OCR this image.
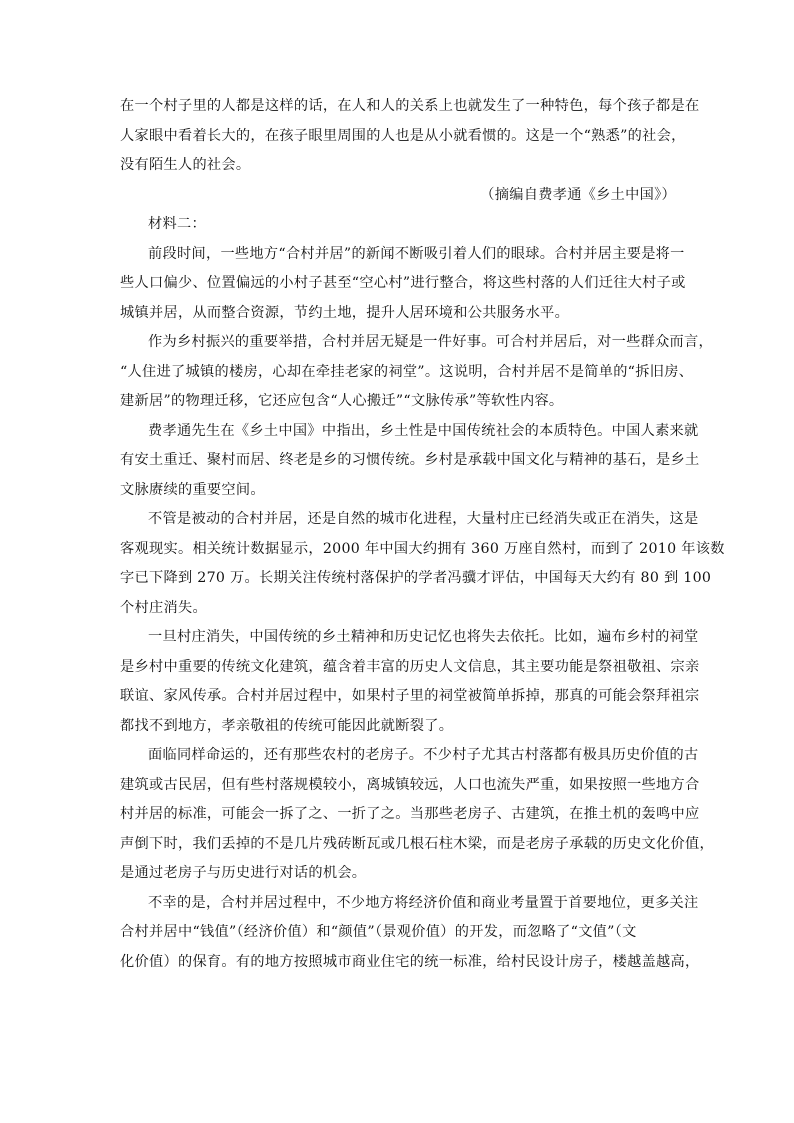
在一个村子里的人都是这样的话，在人和人的关系上也就发生了一种特色，每个孩子都是在
人家眼中看着长大的，在孩子眼里周围的人也是从小就看惯的。这是一个“熟悉”的社会，
没有陌生人的社会。
（摘编自费孝通《乡土中国》）
材料二：
前段时间，一些地方“合村并居”的新闻不断吸引着人们的眼球。合村并居主要是将一
些人口偏少、位置偏远的小村子甚至“空心村”进行整合，将这些村落的人们迁往大村子或
城镇并居，从而整合资源，节约土地，提升人居环境和公共服务水平。
作为乡村振兴的重要举措，合村并居无疑是一件好事。可合村并居后，对一些群众而言，
“人住进了城镇的楼房，心却在牵挂老家的祠堂”。这说明，合村并居不是简单的“拆旧房、
建新居”的物理迁移，它还应包含“人心搬迁”“文脉传承”等软性内容。
费孝通先生在《乡土中国》中指出，乡土性是中国传统社会的本质特色。中国人素来就
有安土重迁、聚村而居、终老是乡的习惯传统。乡村是承载中国文化与精神的基石，是乡土
文脉赓续的重要空间。
不管是被动的合村并居，还是自然的城市化进程，大量村庄已经消失或正在消失，这是
客观现实。相关统计数据显示，2000 年中国大约拥有 360 万座自然村，而到了 2010 年该数
字已下降到 270 万。长期关注传统村落保护的学者冯骥才评估，中国每天大约有 80 到 100
个村庄消失。
一旦村庄消失，中国传统的乡土精神和历史记忆也将失去依托。比如，遍布乡村的祠堂
是乡村中重要的传统文化建筑，蕴含着丰富的历史人文信息，其主要功能是祭祖敬祖、宗亲
联谊、家风传承。合村并居过程中，如果村子里的祠堂被简单拆掉，那真的可能会祭拜祖宗
都找不到地方，孝亲敬祖的传统可能因此就断裂了。
面临同样命运的，还有那些农村的老房子。不少村子尤其古村落都有极具历史价值的古
建筑或古民居，但有些村落规模较小，离城镇较远，人口也流失严重，如果按照一些地方合
村并居的标准，可能会一拆了之、一折了之。当那些老房子、古建筑，在推土机的轰鸣中应
声倒下时，我们丢掉的不是几片残砖断瓦或几根石柱木梁，而是老房子承载的历史文化价值，
是通过老房子与历史进行对话的机会。
不幸的是，合村并居过程中，不少地方将经济价值和商业考量置于首要地位，更多关注
合村并居中“钱值”（经济价值）和“颜值”（景观价值）的开发，而忽略了“文值”（文
化价值）的保育。有的地方按照城市商业住宅的统一标准，给村民设计房子，楼越盖越高，
